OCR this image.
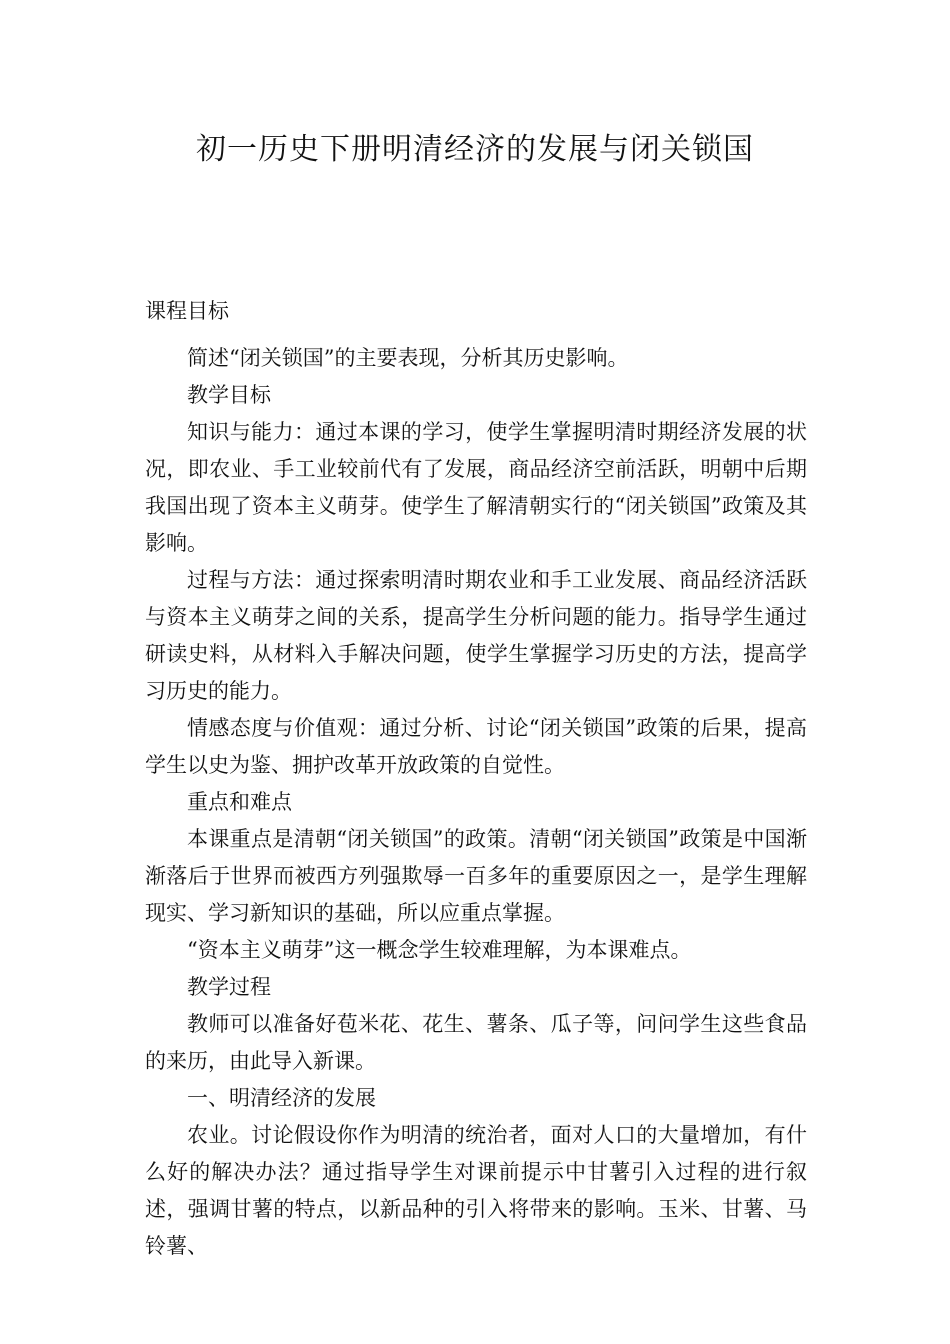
初一历史下册明清经济的发展与闭关锁国
课程目标

简述“闭关锁国”的主要表现，分析其历史影响。

教学目标

知识与能力：通过本课的学习，使学生掌握明清时期经济发展的状况，即农业、手工业较前代有了发展，商品经济空前活跃，明朝中后期我国出现了资本主义萌芽。使学生了解清朝实行的“闭关锁国”政策及其影响。

过程与方法：通过探索明清时期农业和手工业发展、商品经济活跃与资本主义萌芽之间的关系，提高学生分析问题的能力。指导学生通过研读史料，从材料入手解决问题，使学生掌握学习历史的方法，提高学习历史的能力。

情感态度与价值观：通过分析、讨论“闭关锁国”政策的后果，提高学生以史为鉴、拥护改革开放政策的自觉性。

重点和难点

本课重点是清朝“闭关锁国”的政策。清朝“闭关锁国”政策是中国渐渐落后于世界而被西方列强欺辱一百多年的重要原因之一，是学生理解现实、学习新知识的基础，所以应重点掌握。

“资本主义萌芽”这一概念学生较难理解，为本课难点。

教学过程

教师可以准备好苞米花、花生、薯条、瓜子等，问问学生这些食品的来历，由此导入新课。

一、明清经济的发展

农业。讨论假设你作为明清的统治者，面对人口的大量增加，有什么好的解决办法？通过指导学生对课前提示中甘薯引入过程的进行叙述，强调甘薯的特点，以新品种的引入将带来的影响。玉米、甘薯、马铃薯、
